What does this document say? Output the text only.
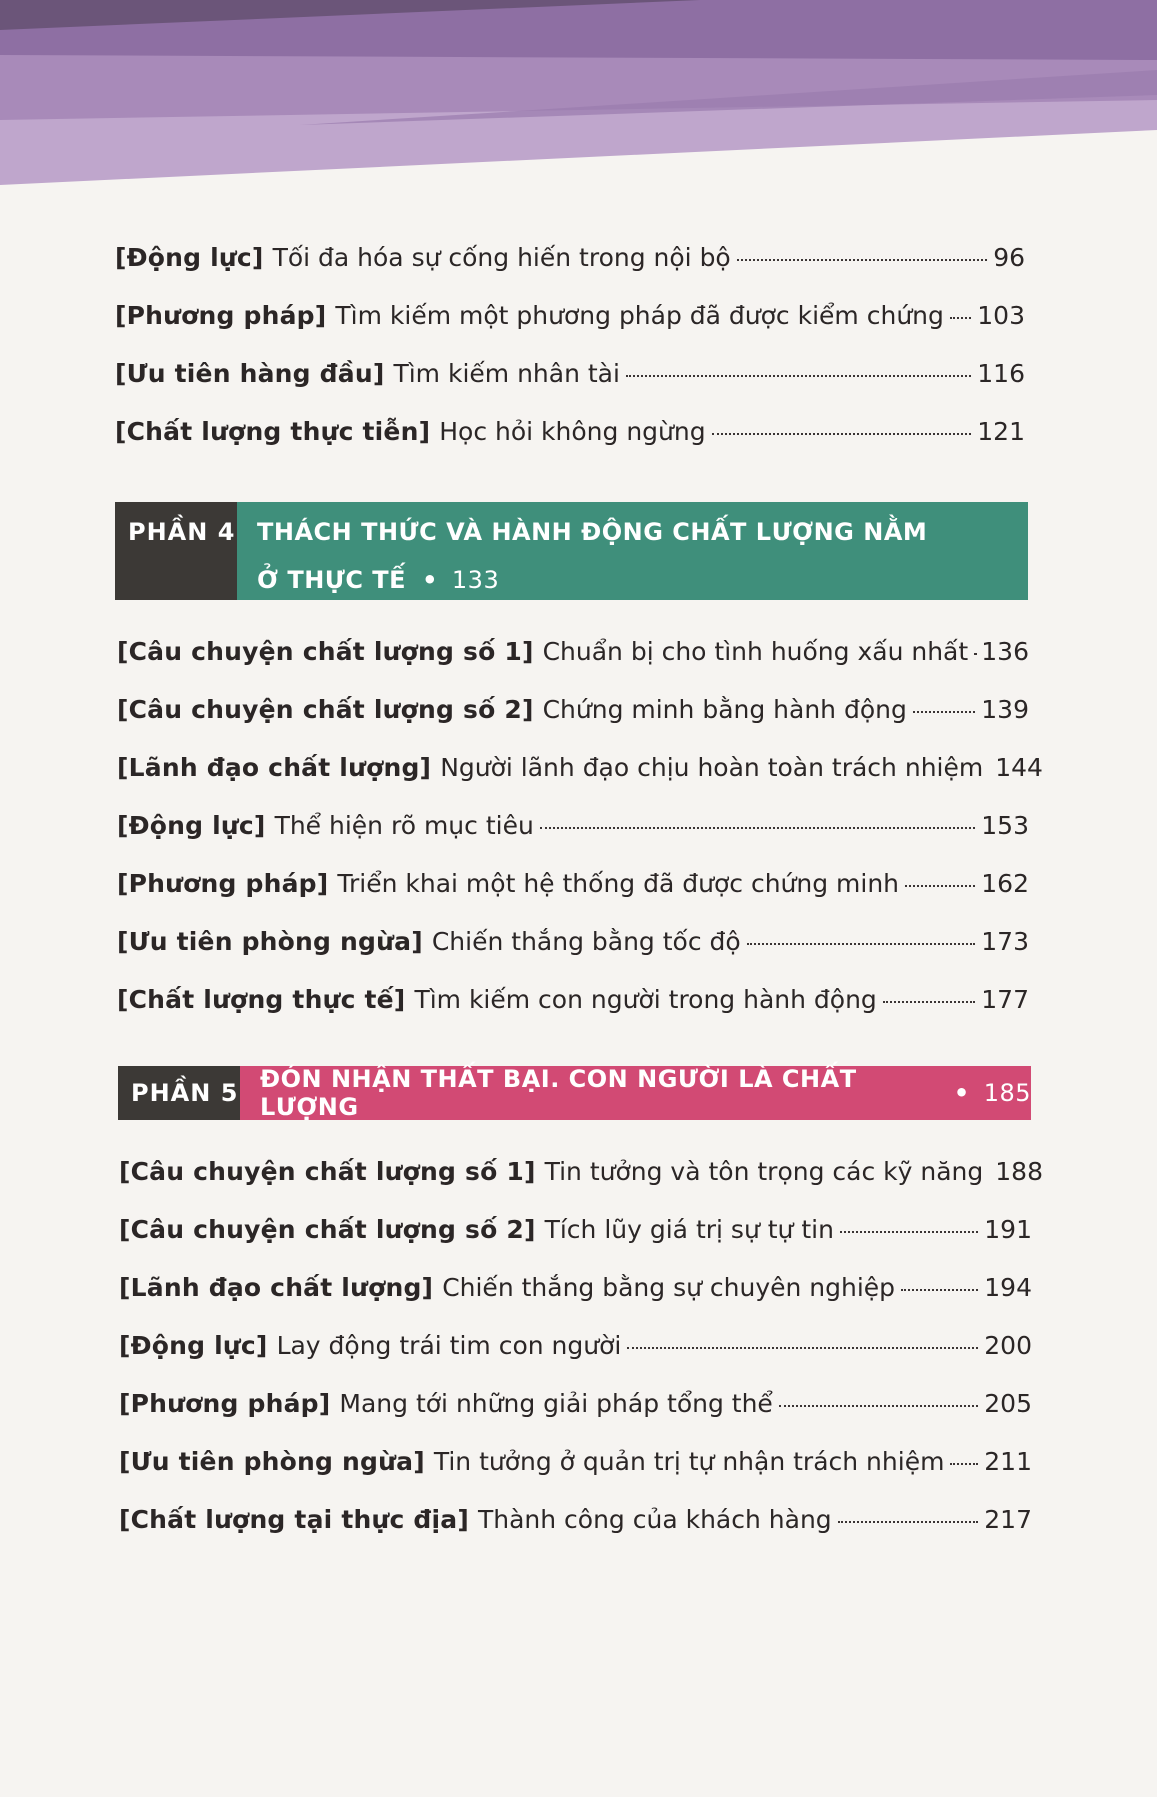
[Động lực] Tối đa hóa sự cống hiến trong nội bộ	96
[Phương pháp] Tìm kiếm một phương pháp đã được kiểm chứng 103
[Ưu tiên hàng đầu] Tìm kiếm nhân tài	116
[Chất lượng thực tiễn] Học hỏi không ngừng	121
PHẦN 4 THÁCH THỨC VÀ HÀNH ĐỘNG CHẤT LƯỢNG NẰM
Ở THỰC TẾ • 133
[Câu chuyện chất lượng số 1] Chuẩn bị cho tình huống xấu nhất 136
[Câu chuyện chất lượng số 2] Chứng minh bằng hành động	139
[Lãnh đạo chất lượng] Người lãnh đạo chịu hoàn toàn trách nhiệm 144
[Động lực] Thể hiện rõ mục tiêu	153
[Phương pháp] Triển khai một hệ thống đã được chứng minh	162
[Ưu tiên phòng ngừa] Chiến thắng bằng tốc độ	173
[Chất lượng thực tế] Tìm kiếm con người trong hành động	177
PHẦN 5 ĐÓN NHẬN THẤT BẠI. CON NGƯỜI LÀ CHẤT LƯỢNG	• 185
[Câu chuyện chất lượng số 1] Tin tưởng và tôn trọng các kỹ năng 188
[Câu chuyện chất lượng số 2] Tích lũy giá trị sự tự tin	191
[Lãnh đạo chất lượng] Chiến thắng bằng sự chuyên nghiệp	194
[Động lực] Lay động trái tim con người	200
[Phương pháp] Mang tới những giải pháp tổng thể	205
[Ưu tiên phòng ngừa] Tin tưởng ở quản trị tự nhận trách nhiệm 211
[Chất lượng tại thực địa] Thành công của khách hàng	217
